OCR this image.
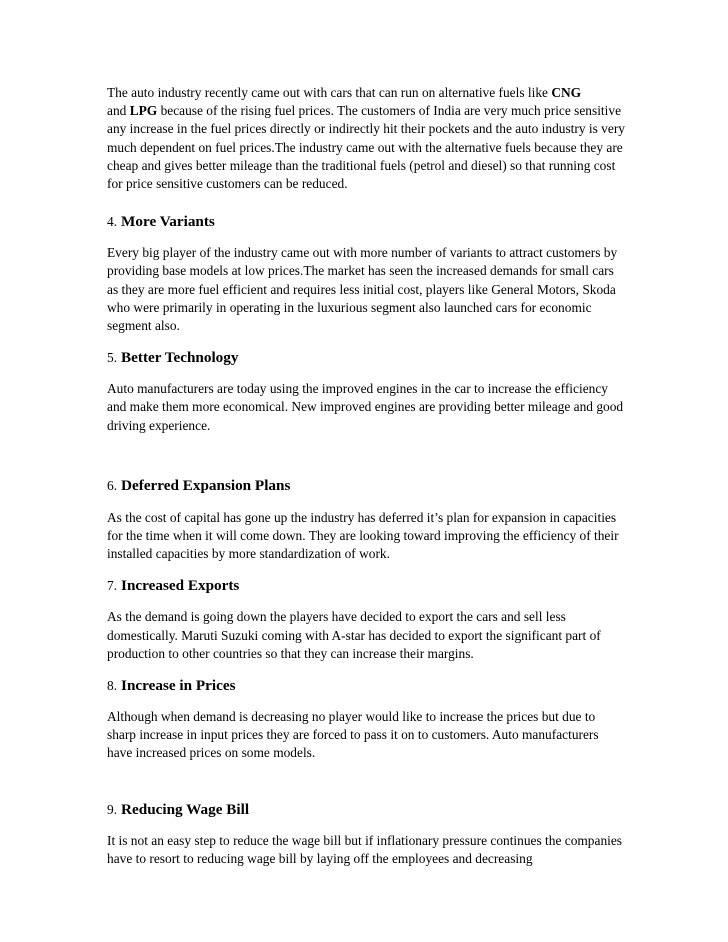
The auto industry recently came out with cars that can run on alternative fuels like CNG
and LPG because of the rising fuel prices. The customers of India are very much price sensitive any increase in the fuel prices directly or indirectly hit their pockets and the auto industry is very much dependent on fuel prices.The industry came out with the alternative fuels because they are cheap and gives better mileage than the traditional fuels (petrol and diesel) so that running cost for price sensitive customers can be reduced.

4. More Variants

Every big player of the industry came out with more number of variants to attract customers by providing base models at low prices.The market has seen the increased demands for small cars as they are more fuel efficient and requires less initial cost, players like General Motors, Skoda who were primarily in operating in the luxurious segment also launched cars for economic segment also.

5. Better Technology

Auto manufacturers are today using the improved engines in the car to increase the efficiency and make them more economical. New improved engines are providing better mileage and good driving experience.

6. Deferred Expansion Plans

As the cost of capital has gone up the industry has deferred it’s plan for expansion in capacities for the time when it will come down. They are looking toward improving the efficiency of their installed capacities by more standardization of work.

7. Increased Exports

As the demand is going down the players have decided to export the cars and sell less domestically. Maruti Suzuki coming with A-star has decided to export the significant part of production to other countries so that they can increase their margins.

8. Increase in Prices

Although when demand is decreasing no player would like to increase the prices but due to sharp increase in input prices they are forced to pass it on to customers. Auto manufacturers have increased prices on some models.

9. Reducing Wage Bill

It is not an easy step to reduce the wage bill but if inflationary pressure continues the companies have to resort to reducing wage bill by laying off the employees and decreasing
